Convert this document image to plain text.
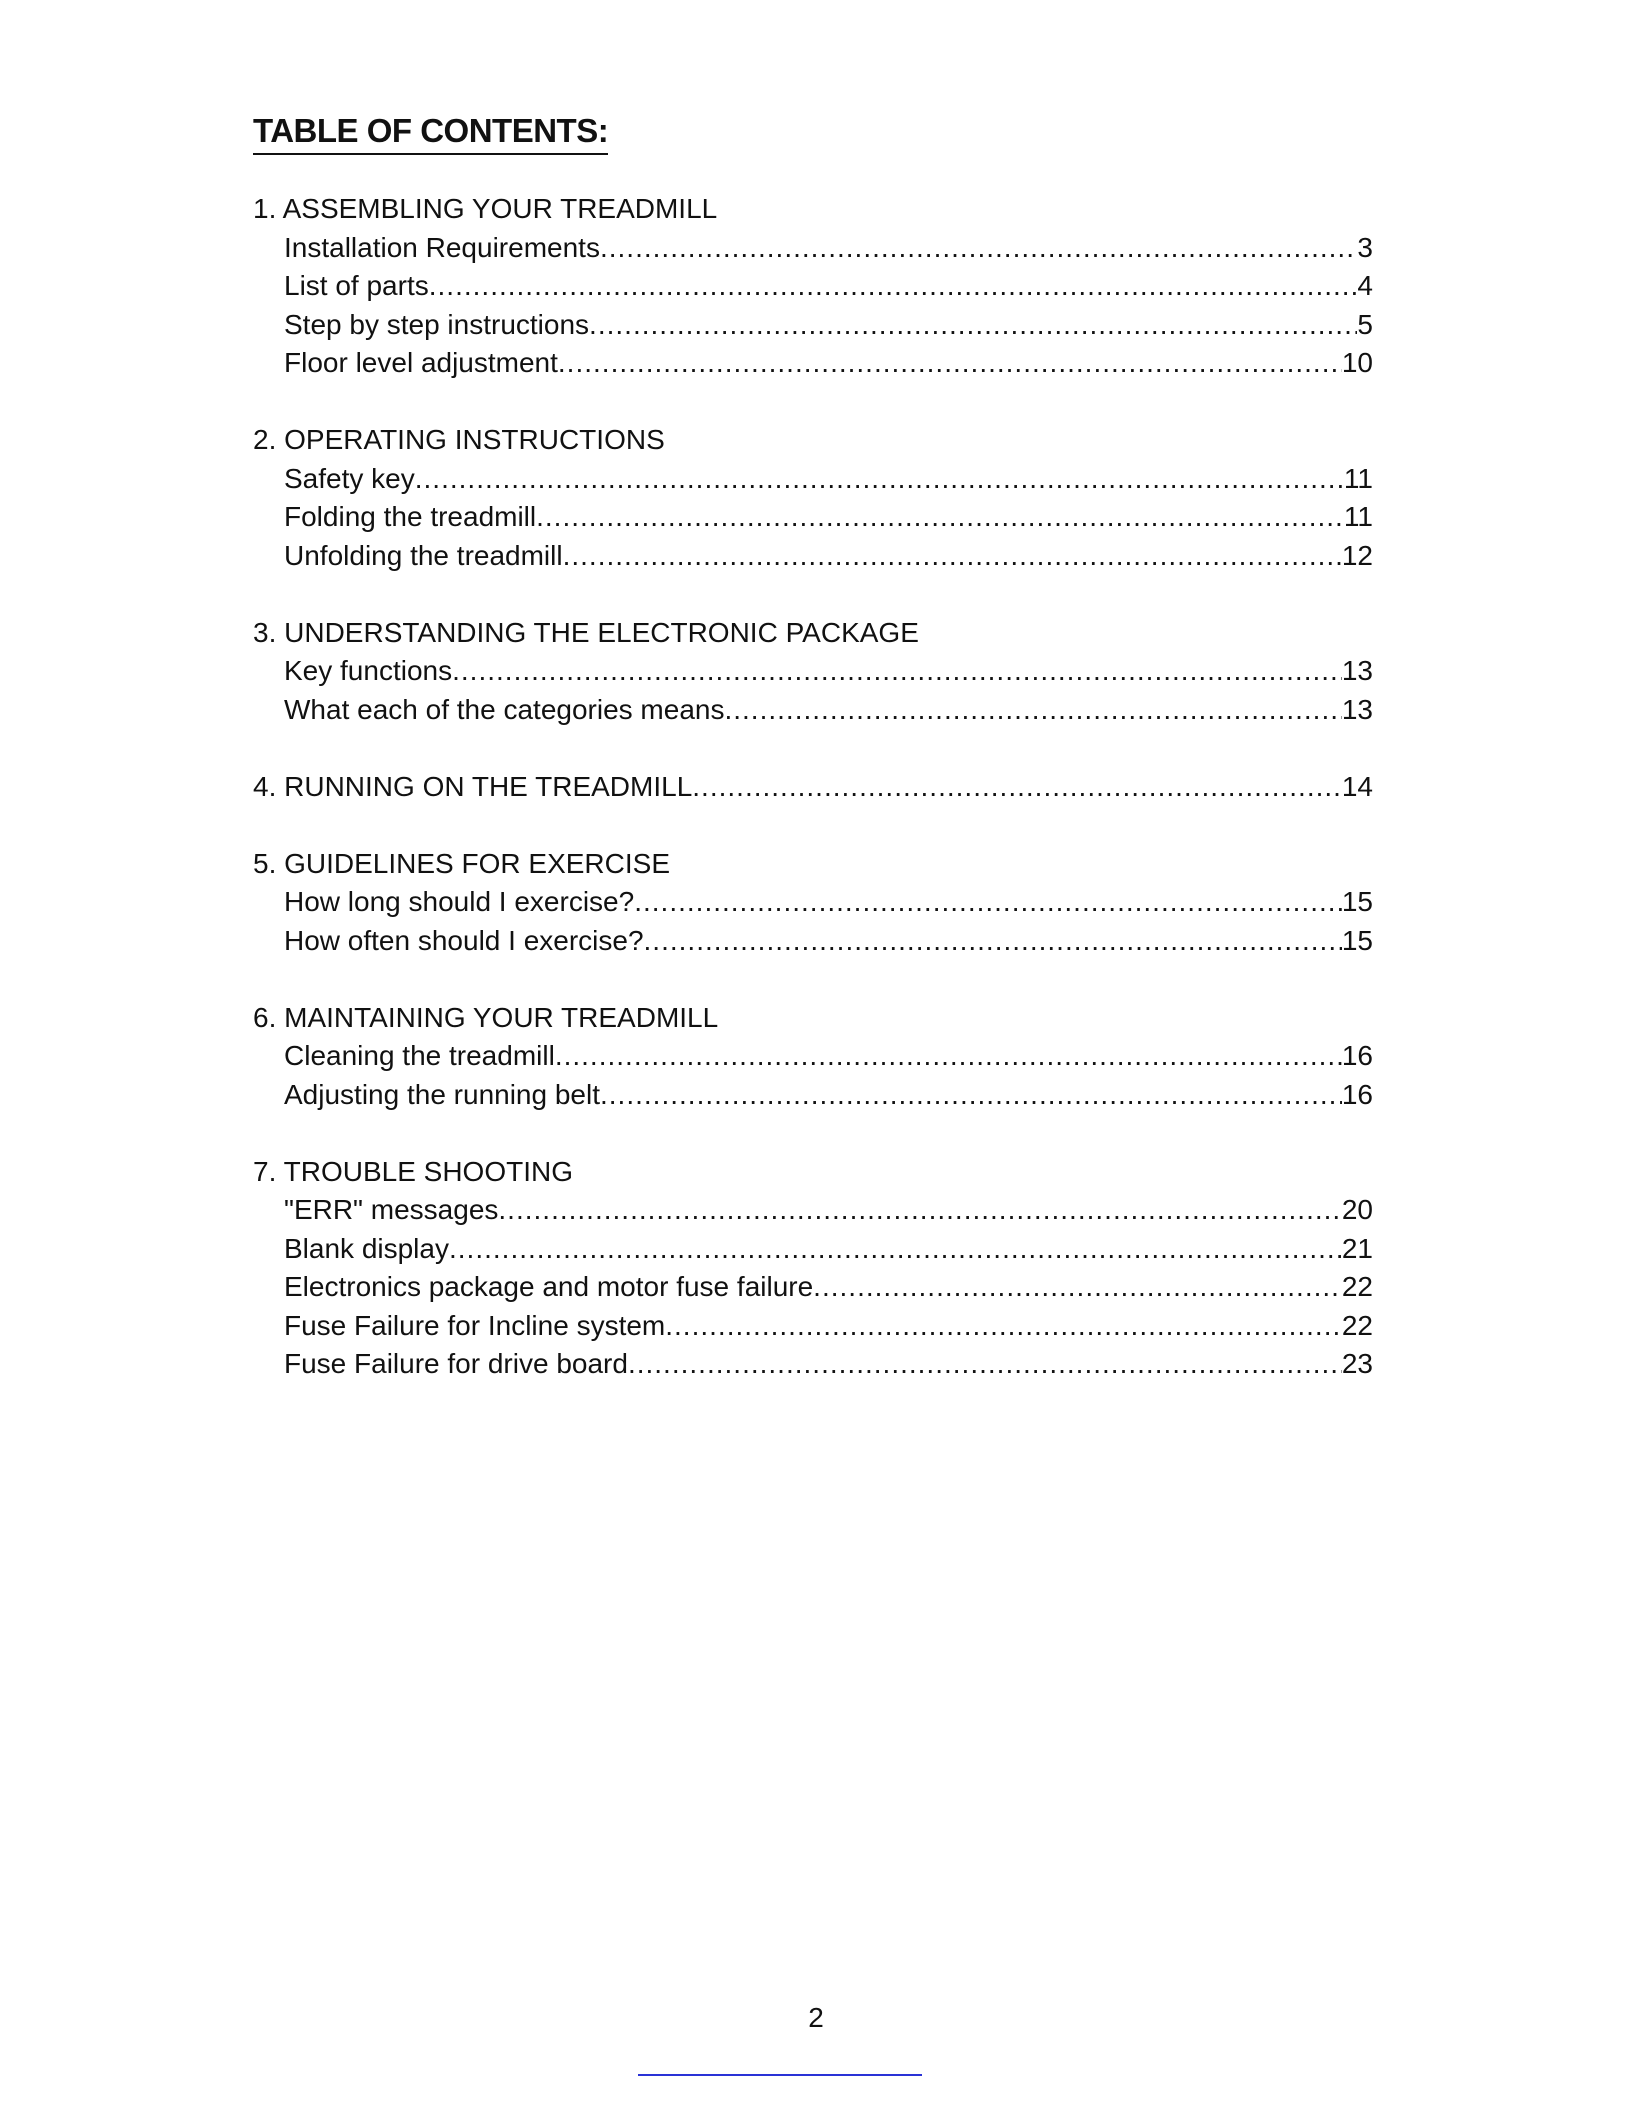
TABLE OF CONTENTS:
1. ASSEMBLING YOUR TREADMILL
Installation Requirements .....	3
List of parts .....	4
Step by step instructions .....	5
Floor level adjustment .....	10
2. OPERATING INSTRUCTIONS
Safety key .....	11
Folding the treadmill .....	11
Unfolding the treadmill .....	12
3. UNDERSTANDING THE ELECTRONIC PACKAGE
Key functions .....	13
What each of the categories means .....	13
4. RUNNING ON THE TREADMILL .....	14
5. GUIDELINES FOR EXERCISE
How long should I exercise? .....	15
How often should I exercise? .....	15
6. MAINTAINING YOUR TREADMILL
Cleaning the treadmill .....	16
Adjusting the running belt .....	16
7. TROUBLE SHOOTING
"ERR" messages .....	20
Blank display .....	21
Electronics package and motor fuse failure .....	22
Fuse Failure for Incline system .....	22
Fuse Failure for drive board .....	23
2
